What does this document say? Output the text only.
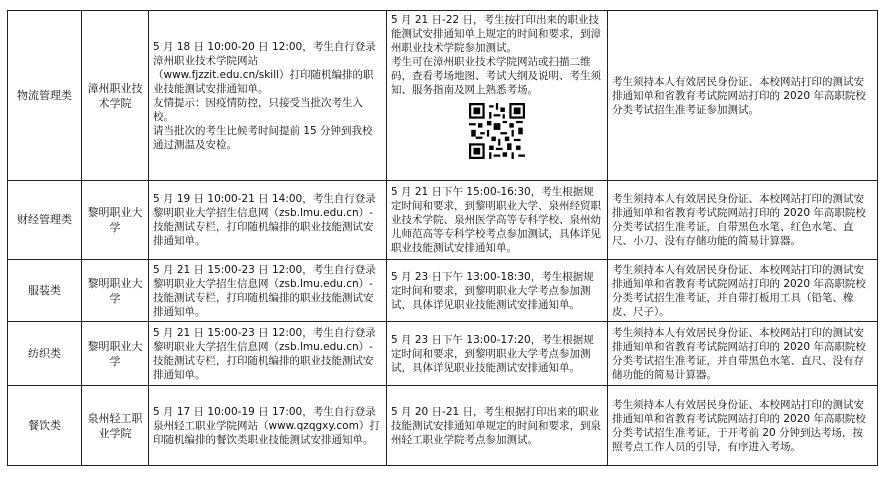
物流管理类	漳州职业技术学院	5 月 18 日 10:00-20 日 12:00，考生自行登录漳州职业技术学院网站（www.fjzzit.edu.cn/skill）打印随机编排的职业技能测试安排通知单。
友情提示：因疫情防控，只接受当批次考生入校。
请当批次的考生比候考时间提前 15 分钟到我校通过测温及安检。	5 月 21 日-22 日，考生按打印出来的职业技能测试安排通知单上规定的时间和要求，到漳州职业技术学院参加测试。
考生可在漳州职业技术学院网站或扫描二维码，查看考场地图、考试大纲及说明、考生须知、服务指南及网上熟悉考场。	考生须持本人有效居民身份证、本校网站打印的测试安排通知单和省教育考试院网站打印的 2020 年高职院校分类考试招生准考证参加测试。
财经管理类	黎明职业大学	5 月 19 日 10:00-21 日 14:00，考生自行登录黎明职业大学招生信息网（zsb.lmu.edu.cn）-技能测试专栏，打印随机编排的职业技能测试安排通知单。	5 月 21 日下午 15:00-16:30，考生根据规定时间和要求，到黎明职业大学、泉州经贸职业技术学院、泉州医学高等专科学校、泉州幼儿师范高等专科学校考点参加测试，具体详见职业技能测试安排通知单。	考生须持本人有效居民身份证、本校网站打印的测试安排通知单和省教育考试院网站打印的 2020 年高职院校分类考试招生准考证，自带黑色水笔、红色水笔、直尺、小刀、没有存储功能的简易计算器。
服装类	黎明职业大学	5 月 21 日 15:00-23 日 12:00，考生自行登录黎明职业大学招生信息网（zsb.lmu.edu.cn）-技能测试专栏，打印随机编排的职业技能测试安排通知单。	5 月 23 日下午 13:00-18:30，考生根据规定时间和要求，到黎明职业大学考点参加测试，具体详见职业技能测试安排通知单。	考生须持本人有效居民身份证、本校网站打印的测试安排通知单和省教育考试院网站打印的 2020 年高职院校分类考试招生准考证，并自带打板用工具（铅笔、橡皮、尺子）。
纺织类	黎明职业大学	5 月 21 日 15:00-23 日 12:00，考生自行登录黎明职业大学招生信息网（zsb.lmu.edu.cn）-技能测试专栏，打印随机编排的职业技能测试安排通知单。	5 月 23 日下午 13:00-17:20，考生根据规定时间和要求，到黎明职业大学考点参加测试，具体详见职业技能测试安排通知单。	考生须持本人有效居民身份证、本校网站打印的测试安排通知单和省教育考试院网站打印的 2020 年高职院校分类考试招生准考证，并自带黑色水笔、直尺、没有存储功能的简易计算器。
餐饮类	泉州轻工职业学院	5 月 17 日 10:00-19 日 17:00，考生自行登录泉州轻工职业学院网站（www.qzqgxy.com）打印随机编排的餐饮类职业技能测试安排通知单。	5 月 20 日-21 日，考生根据打印出来的职业技能测试安排通知单规定的时间和要求，到泉州轻工职业学院考点参加测试。	考生须持本人有效居民身份证、本校网站打印的测试安排通知单和省教育考试院网站打印的 2020 年高职院校分类考试招生准考证，于开考前 20 分钟到达考场，按照考点工作人员的引导，有序进入考场。
